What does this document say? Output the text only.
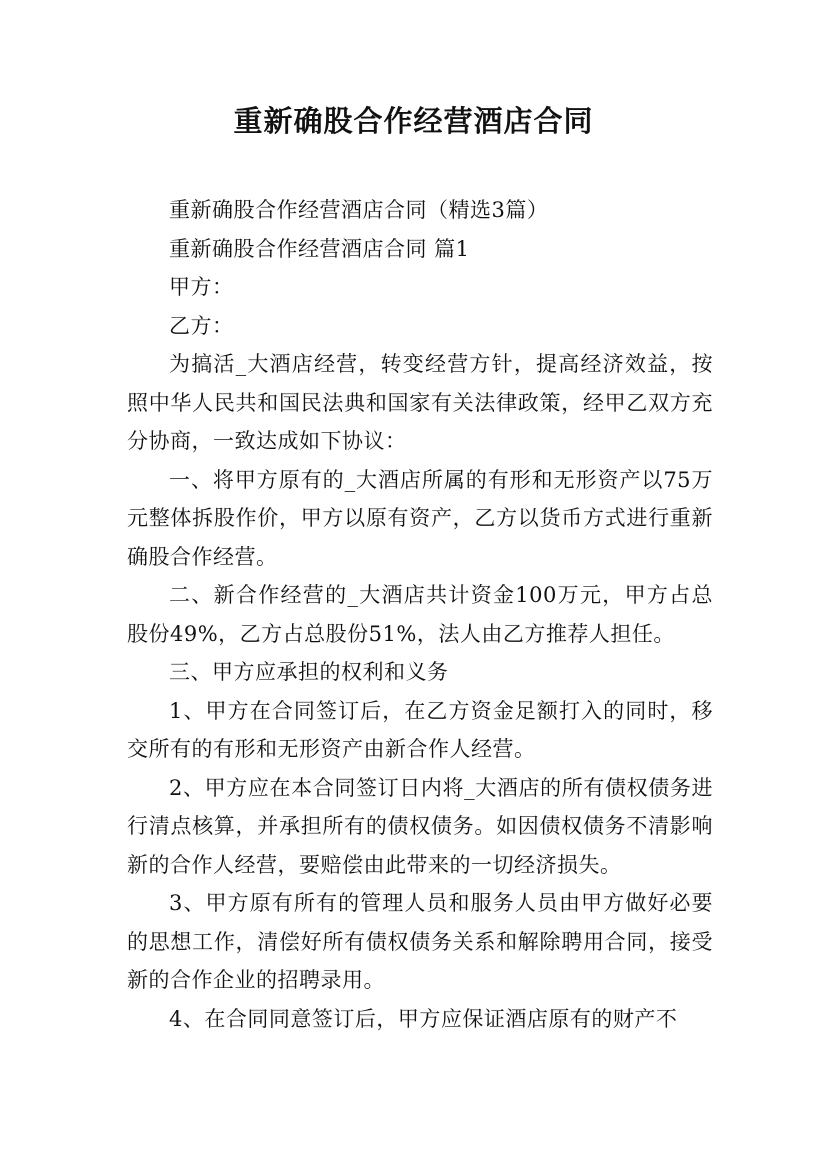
重新确股合作经营酒店合同

重新确股合作经营酒店合同（精选3篇）

重新确股合作经营酒店合同 篇1

甲方：

乙方：

为搞活_大酒店经营，转变经营方针，提高经济效益，按照中华人民共和国民法典和国家有关法律政策，经甲乙双方充分协商，一致达成如下协议：

一、将甲方原有的_大酒店所属的有形和无形资产以75万元整体拆股作价，甲方以原有资产，乙方以货币方式进行重新确股合作经营。

二、新合作经营的_大酒店共计资金100万元，甲方占总股份49%，乙方占总股份51%，法人由乙方推荐人担任。

三、甲方应承担的权利和义务

1、甲方在合同签订后，在乙方资金足额打入的同时，移交所有的有形和无形资产由新合作人经营。

2、甲方应在本合同签订日内将_大酒店的所有债权债务进行清点核算，并承担所有的债权债务。如因债权债务不清影响新的合作人经营，要赔偿由此带来的一切经济损失。

3、甲方原有所有的管理人员和服务人员由甲方做好必要的思想工作，清偿好所有债权债务关系和解除聘用合同，接受新的合作企业的招聘录用。

4、在合同同意签订后，甲方应保证酒店原有的财产不
